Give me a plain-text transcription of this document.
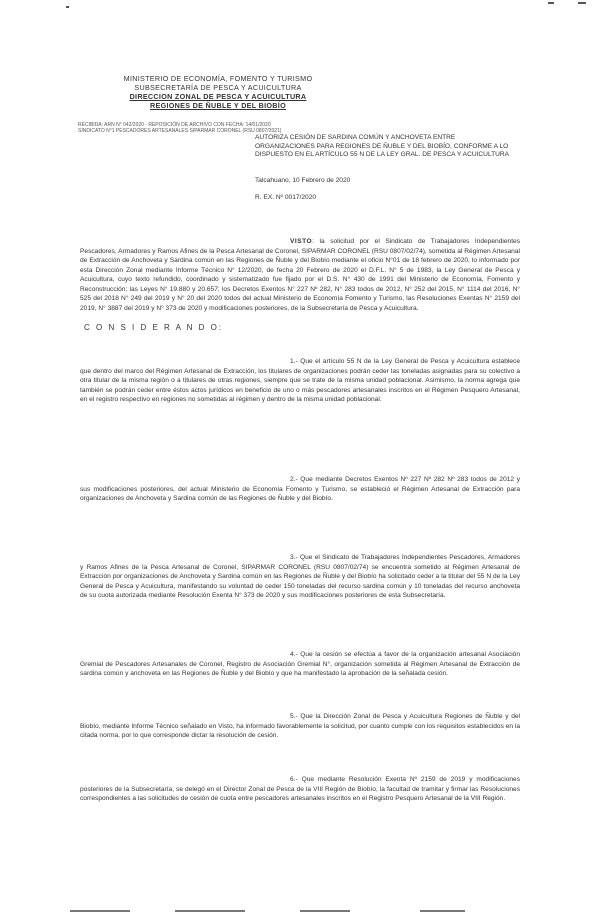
MINISTERIO DE ECONOMÍA, FOMENTO Y TURISMO
SUBSECRETARÍA DE PESCA Y ACUICULTURA
DIRECCION ZONAL DE PESCA Y ACUICULTURA
REGIONES DE ÑUBLE Y DEL BIOBÍO
RECIBIDA: ARN N° 042/2020 - REPOSICIÓN DE ARCHIVO CON FECHA: 14/01/2020
SINDICATO N°1 PESCADORES ARTESANALES SIPARMAR CORONEL (RSU 0807/2021)
AUTORIZA CESIÓN DE SARDINA COMÚN Y ANCHOVETA ENTRE ORGANIZACIONES PARA REGIONES DE ÑUBLE Y DEL BIOBÍO, CONFORME A LO DISPUESTO EN EL ARTÍCULO 55 N DE LA LEY GRAL. DE PESCA Y ACUICULTURA
Talcahuano, 10 Febrero de 2020
R. EX. Nº 0017/2020
VISTO: la solicitud por el Sindicato de Trabajadores Independientes Pescadores, Armadores y Ramos Afines de la Pesca Artesanal de Coronel, SIPARMAR CORONEL (RSU 0807/02/74), sometida al Régimen Artesanal de Extracción de Anchoveta y Sardina común en las Regiones de Ñuble y del Biobío mediante el oficio N°01 de 18 febrero de 2020, lo informado por esta Dirección Zonal mediante Informe Técnico N° 12/2020, de fecha 20 Febrero de 2020 el D.F.L. N° 5 de 1983, la Ley General de Pesca y Acuicultura, cuyo texto refundido, coordinado y sistematizado fue fijado por el D.S. N° 430 de 1991 del Ministerio de Economía, Fomento y Reconstrucción; las Leyes N° 19.880 y 20.657; los Decretos Exentos N° 227 Nº 282, N° 283 todos de 2012, N° 252 del 2015, N° 1114 del 2016, N° 525 del 2018 N° 249 del 2019 y N° 20 del 2020 todos del actual Ministerio de Economía Fomento y Turismo, las Resoluciones Exentas N° 2159 del 2019, N° 3887 del 2019 y N° 373 de 2020 y modificaciones posteriores, de la Subsecretaría de Pesca y Acuicultura.
C O N S I D E R A N D O:
1.- Que el artículo 55 N de la Ley General de Pesca y Acuicultura establece que dentro del marco del Régimen Artesanal de Extracción, los titulares de organizaciones podrán ceder las toneladas asignadas para su colectivo a otra titular de la misma región o a titulares de otras regiones, siempre que se trate de la misma unidad poblacional. Asimismo, la norma agrega que también se podrán ceder entre éstos actos jurídicos en beneficio de uno o más pescadores artesanales inscritos en el Régimen Pesquero Artesanal, en el registro respectivo en regiones no sometidas al régimen y dentro de la misma unidad poblacional.
2.- Que mediante Decretos Exentos Nº 227 Nº 282 Nº 283 todos de 2012 y sus modificaciones posteriores, del actual Ministerio de Economía Fomento y Turismo, se estableció el Régimen Artesanal de Extracción para organizaciones de Anchoveta y Sardina común de las Regiones de Ñuble y del Biobío.
3.- Que el Sindicato de Trabajadores Independientes Pescadores, Armadores y Ramos Afines de la Pesca Artesanal de Coronel, SIPARMAR CORONEL (RSU 0807/02/74) se encuentra sometido al Régimen Artesanal de Extracción por organizaciones de Anchoveta y Sardina común en las Regiones de Ñuble y del Biobío ha solicitado ceder a la titular del 55 N de la Ley General de Pesca y Acuicultura, manifestando su voluntad de ceder 150 toneladas del recurso sardina común y 10 toneladas del recurso anchoveta de su cuota autorizada mediante Resolución Exenta N° 373 de 2020 y sus modificaciones posteriores de esta Subsecretaría.
4.- Que la cesión se efectúa a favor de la organización artesanal Asociación Gremial de Pescadores Artesanales de Coronel, Registro de Asociación Gremial N°, organización sometida al Régimen Artesanal de Extracción de sardina común y anchoveta en las Regiones de Ñuble y del Biobío y que ha manifestado la aprobación de la señalada cesión.
5.- Que la Dirección Zonal de Pesca y Acuicultura Regiones de Ñuble y del Biobío, mediante Informe Técnico señalado en Visto, ha informado favorablemente la solicitud, por cuanto cumple con los requisitos establecidos en la citada norma, por lo que corresponde dictar la resolución de cesión.
6.- Que mediante Resolución Exenta Nº 2159 de 2019 y modificaciones posteriores de la Subsecretaría, se delegó en el Director Zonal de Pesca de la VIII Región de Biobío, la facultad de tramitar y firmar las Resoluciones correspondientes a las solicitudes de cesión de cuota entre pescadores artesanales inscritos en el Registro Pesquero Artesanal de la VIII Región.
